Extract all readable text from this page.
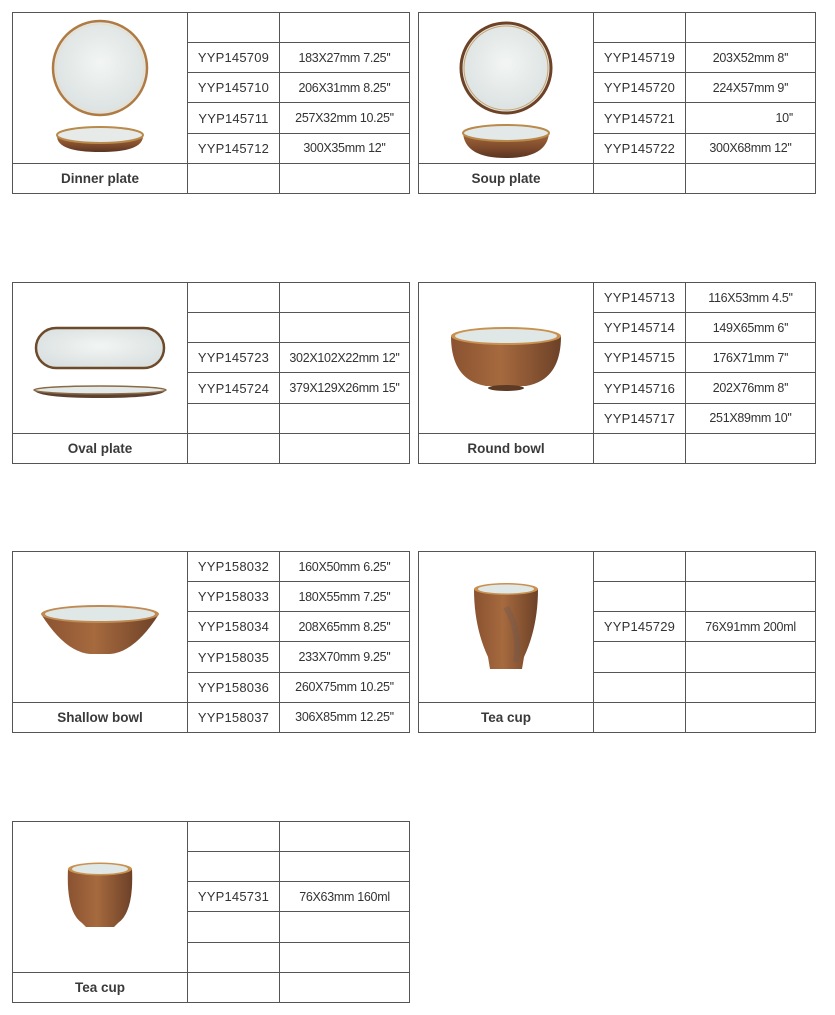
	YYP145709	183X27mm 7.25''
	YYP145710	206X31mm 8.25''
	YYP145711	257X32mm 10.25''
	YYP145712	300X35mm 12''
Dinner plate		

	YYP145719	203X52mm 8''
	YYP145720	224X57mm 9''
	YYP145721	10''
	YYP145722	300X68mm 12''
Soup plate		

	YYP145723	302X102X22mm 12''
	YYP145724	379X129X26mm 15''

Oval plate		
	YYP145713	116X53mm 4.5''
	YYP145714	149X65mm 6''
	YYP145715	176X71mm 7''
	YYP145716	202X76mm 8''
	YYP145717	251X89mm 10''
Round bowl		
	YYP158032	160X50mm 6.25''
	YYP158033	180X55mm 7.25''
	YYP158034	208X65mm 8.25''
	YYP158035	233X70mm 9.25''
	YYP158036	260X75mm 10.25''
Shallow bowl	YYP158037	306X85mm 12.25''

	YYP145729	76X91mm 200ml

Tea cup		

	YYP145731	76X63mm 160ml

Tea cup		
